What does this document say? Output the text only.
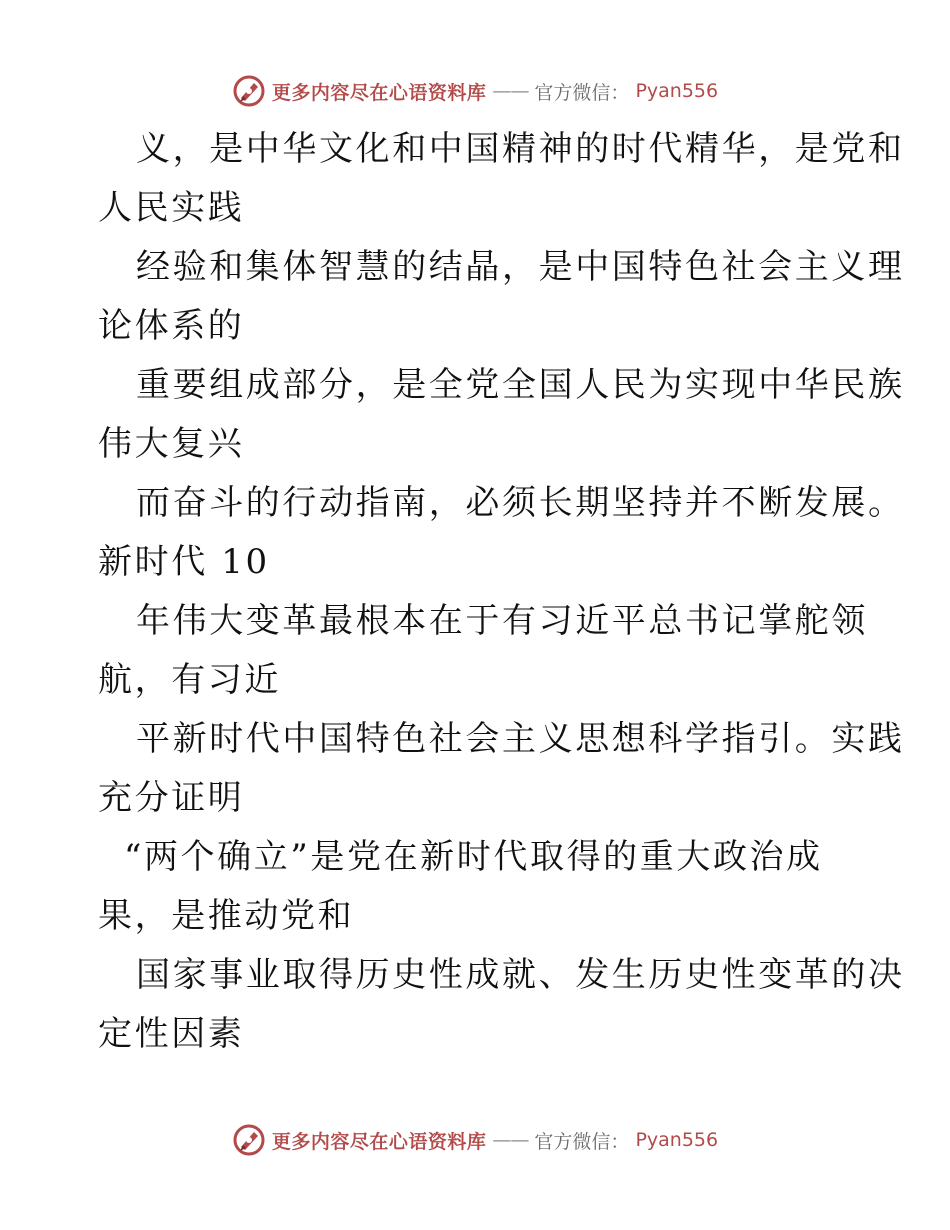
更多内容尽在心语资料库 —— 官方微信： Pyan556
义，是中华文化和中国精神的时代精华，是党和
人民实践
经验和集体智慧的结晶，是中国特色社会主义理
论体系的
重要组成部分，是全党全国人民为实现中华民族
伟大复兴
而奋斗的行动指南，必须长期坚持并不断发展。
新时代 10
年伟大变革最根本在于有习近平总书记掌舵领
航，有习近
平新时代中国特色社会主义思想科学指引。实践
充分证明
“两个确立”是党在新时代取得的重大政治成
果，是推动党和
国家事业取得历史性成就、发生历史性变革的决
定性因素
更多内容尽在心语资料库 —— 官方微信： Pyan556
